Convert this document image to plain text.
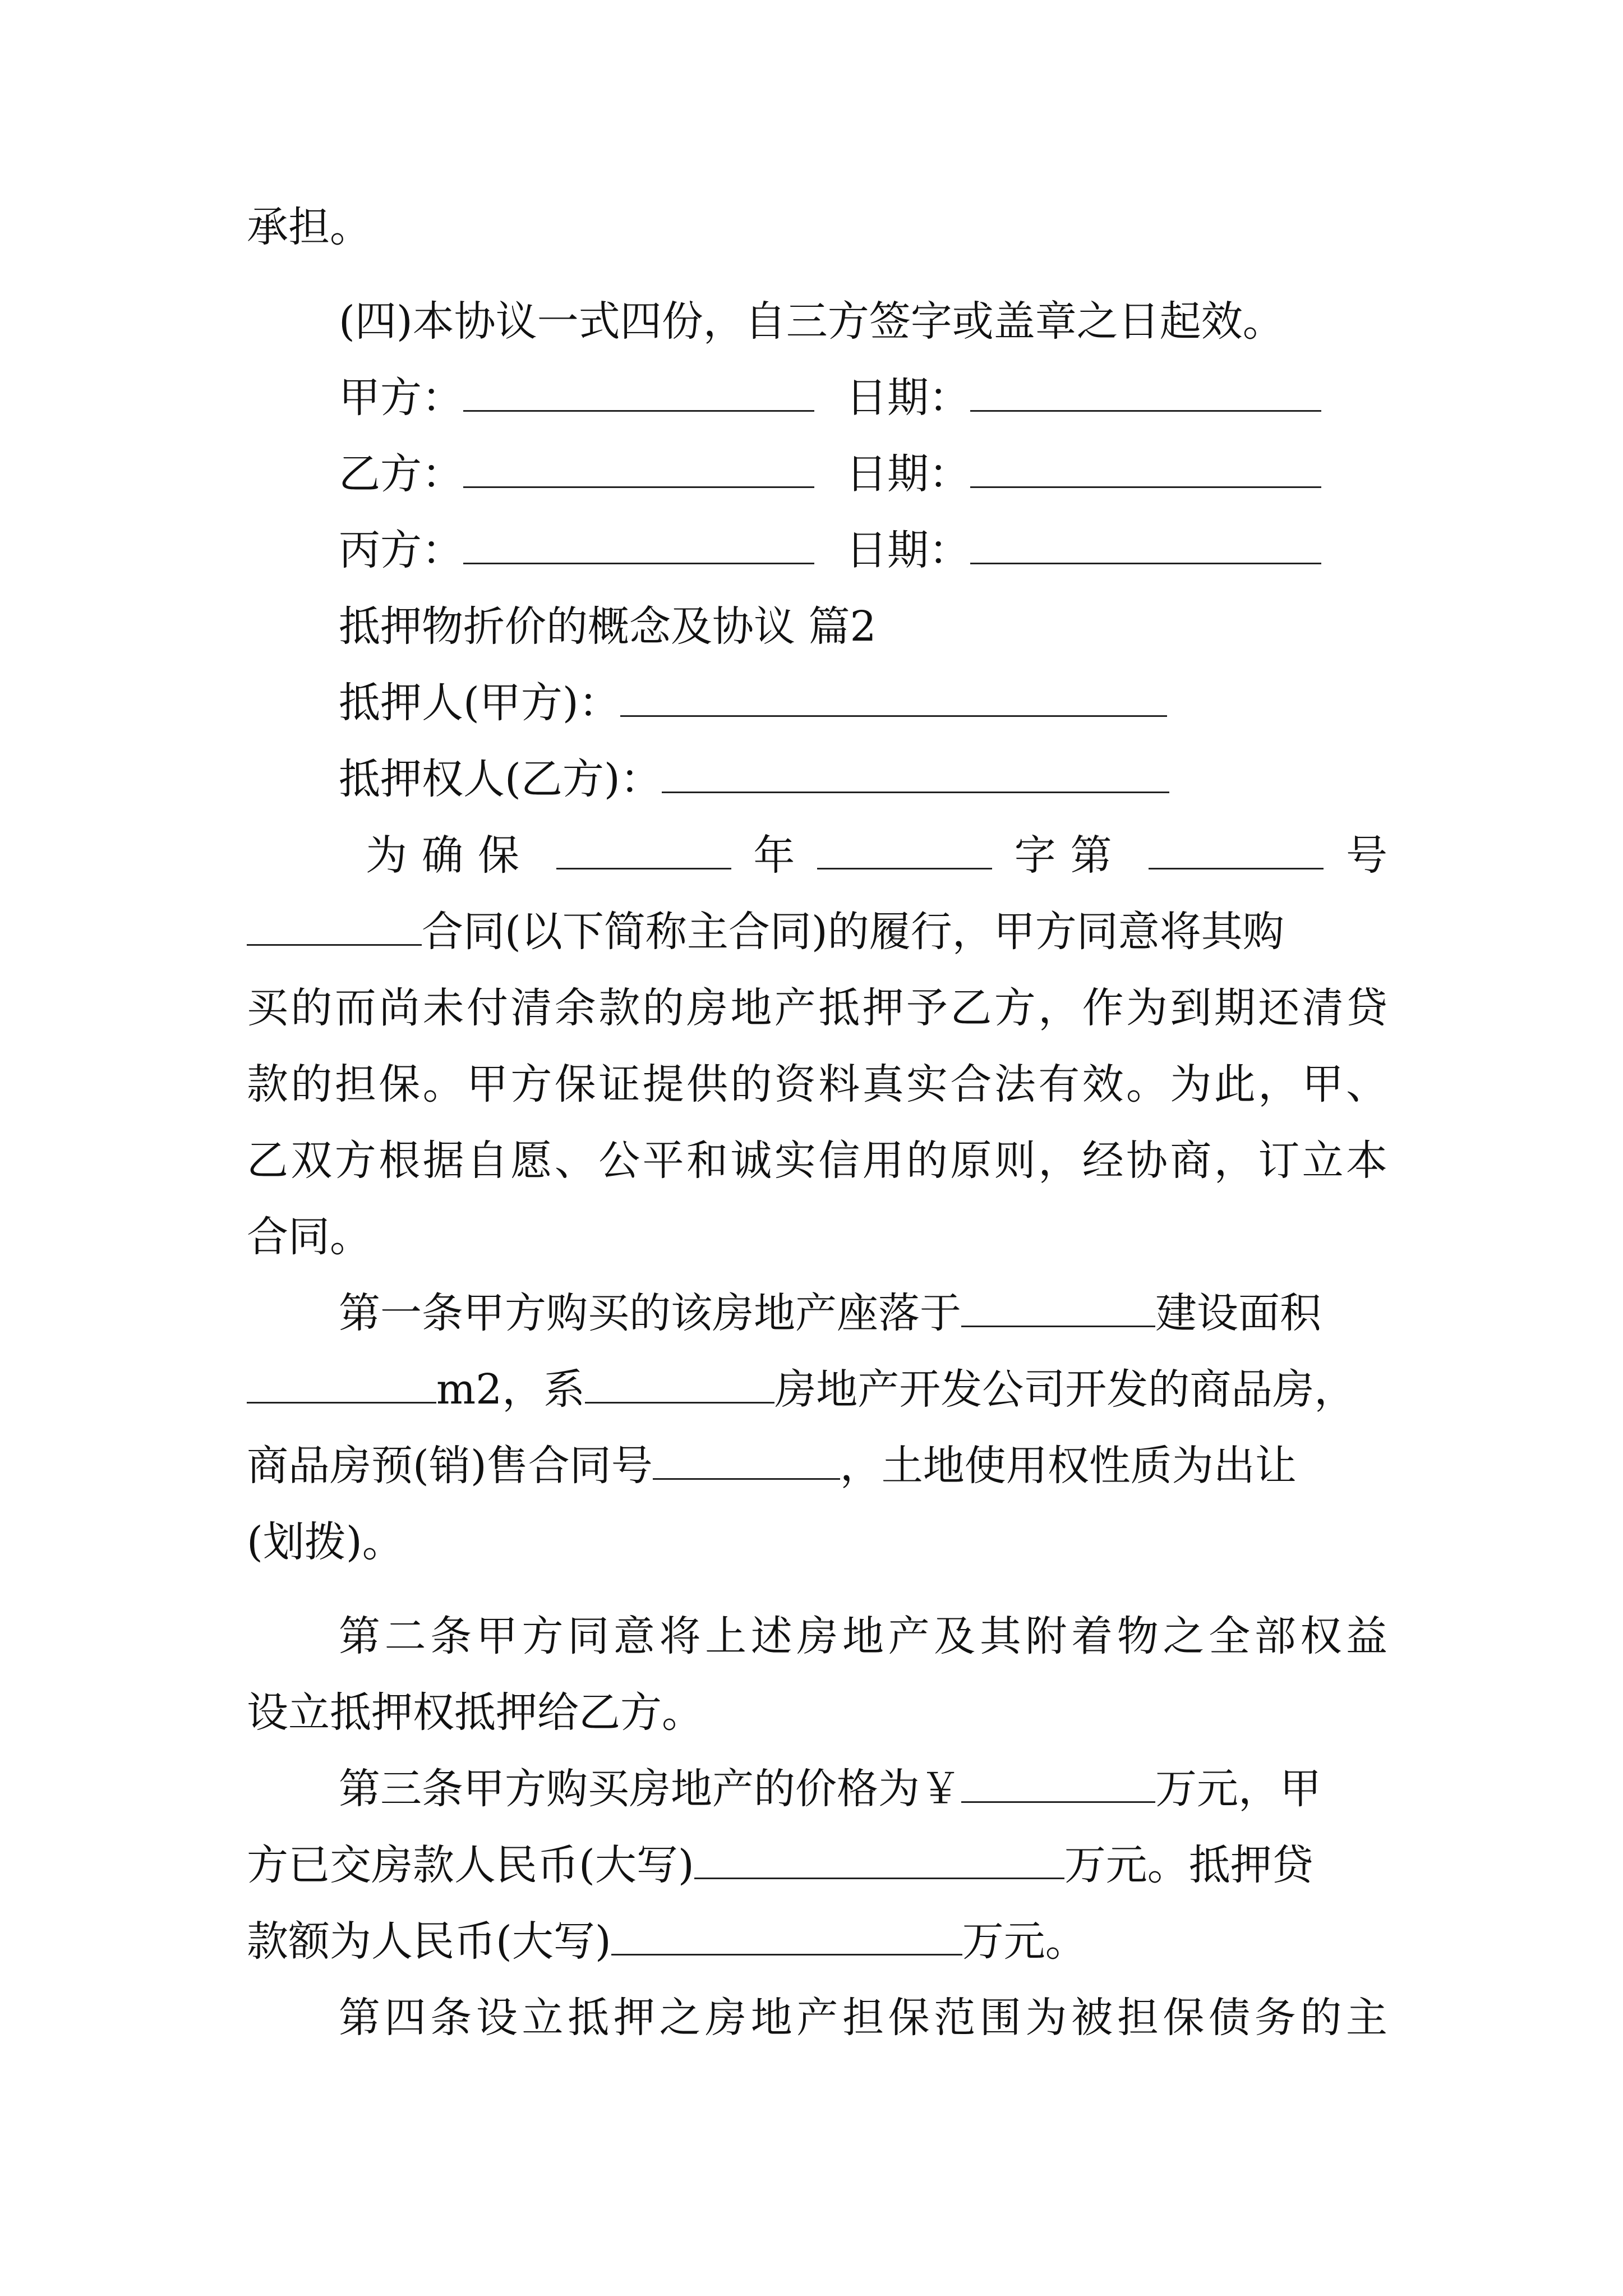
承担。
(四)本协议一式四份，自三方签字或盖章之日起效。
甲方：	日期：
乙方：	日期：
丙方：	日期：
抵押物折价的概念及协议 篇2
抵押人(甲方)：
抵押权人(乙方)：
为确保	年	字第	号
合同(以下简称主合同)的履行，甲方同意将其购
买的而尚未付清余款的房地产抵押予乙方，作为到期还清贷
款的担保。甲方保证提供的资料真实合法有效。为此，甲、
乙双方根据自愿、公平和诚实信用的原则，经协商，订立本
合同。
第一条甲方购买的该房地产座落于	建设面积
m2，系	房地产开发公司开发的商品房，
商品房预(销)售合同号	，土地使用权性质为出让
(划拨)。
第二条甲方同意将上述房地产及其附着物之全部权益
设立抵押权抵押给乙方。
第三条甲方购买房地产的价格为￥	万元，甲
方已交房款人民币(大写)	万元。抵押贷
款额为人民币(大写)	万元。
第四条设立抵押之房地产担保范围为被担保债务的主
